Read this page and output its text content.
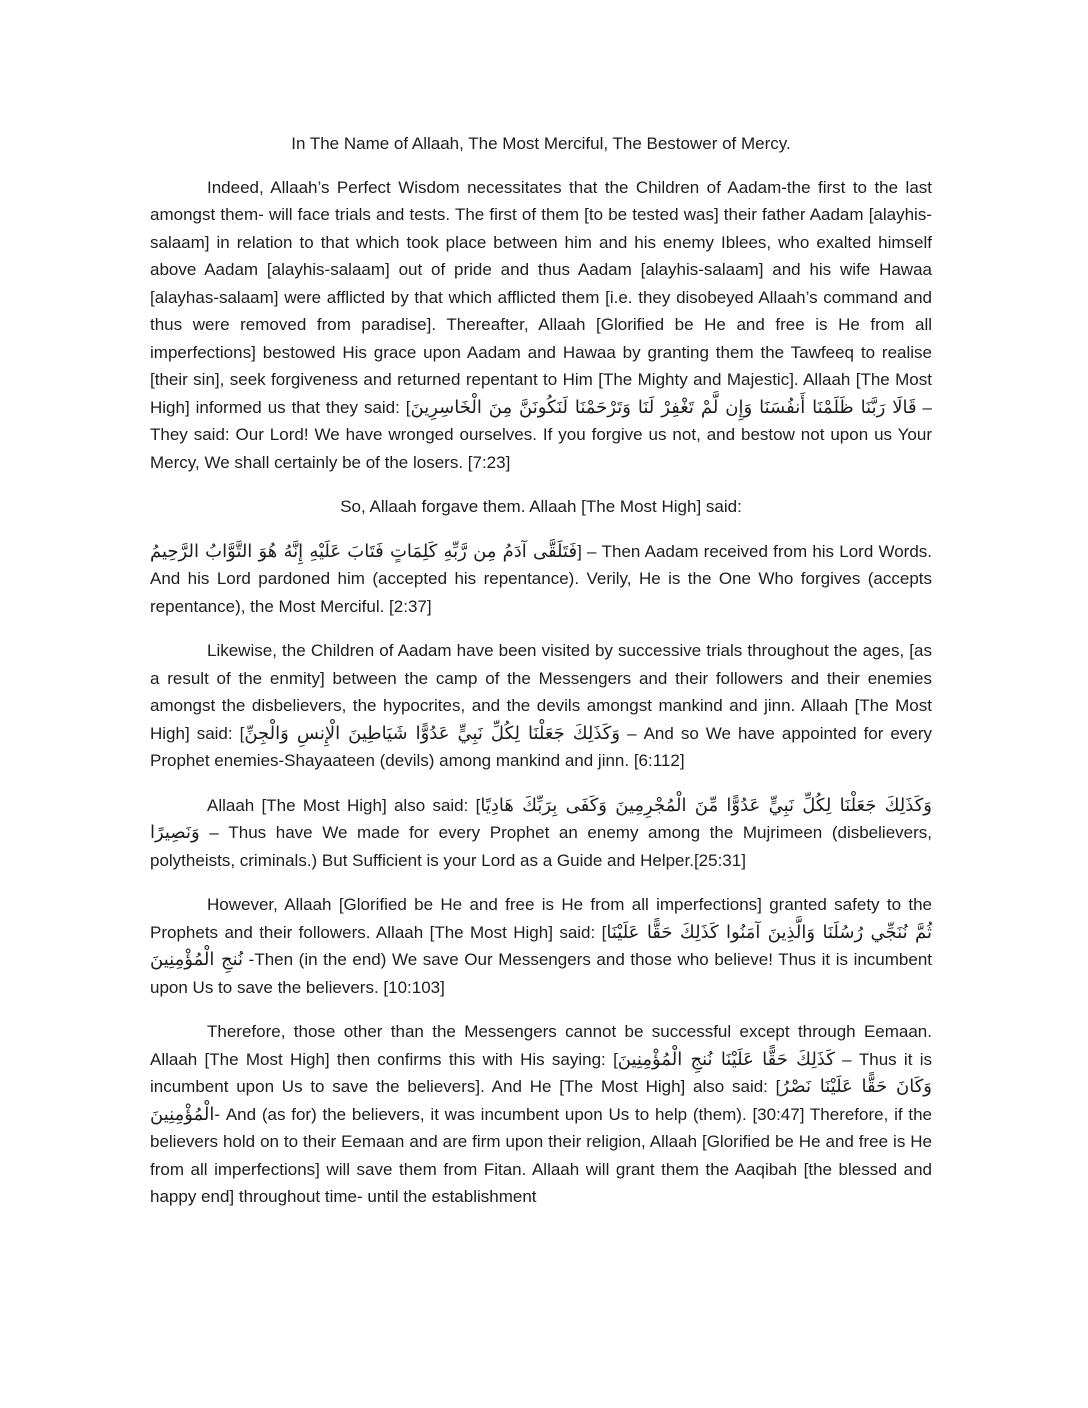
In The Name of Allaah, The Most Merciful, The Bestower of Mercy.

Indeed, Allaah’s Perfect Wisdom necessitates that the Children of Aadam-the first to the last amongst them- will face trials and tests. The first of them [to be tested was] their father Aadam [alayhis-salaam] in relation to that which took place between him and his enemy Iblees, who exalted himself above Aadam [alayhis-salaam] out of pride and thus Aadam [alayhis-salaam] and his wife Hawaa [alayhas-salaam] were afflicted by that which afflicted them [i.e. they disobeyed Allaah’s command and thus were removed from paradise]. Thereafter, Allaah [Glorified be He and free is He from all imperfections] bestowed His grace upon Aadam and Hawaa by granting them the Tawfeeq to realise [their sin], seek forgiveness and returned repentant to Him [The Mighty and Majestic]. Allaah [The Most High] informed us that they said: [قَالَا رَبَّنَا ظَلَمْنَا أَنفُسَنَا وَإِن لَّمْ تَغْفِرْ لَنَا وَتَرْحَمْنَا لَنَكُونَنَّ مِنَ الْخَاسِرِينَ – They said: Our Lord! We have wronged ourselves. If you forgive us not, and bestow not upon us Your Mercy, We shall certainly be of the losers. [7:23]

So, Allaah forgave them. Allaah [The Most High] said:

فَتَلَقَّى آدَمُ مِن رَّبِّهِ كَلِمَاتٍ فَتَابَ عَلَيْهِ إِنَّهُ هُوَ التَّوَّابُ الرَّحِيمُ] – Then Aadam received from his Lord Words. And his Lord pardoned him (accepted his repentance). Verily, He is the One Who forgives (accepts repentance), the Most Merciful. [2:37]

Likewise, the Children of Aadam have been visited by successive trials throughout the ages, [as a result of the enmity] between the camp of the Messengers and their followers and their enemies amongst the disbelievers, the hypocrites, and the devils amongst mankind and jinn. Allaah [The Most High] said: [وَكَذَلِكَ جَعَلْنَا لِكُلِّ نَبِيٍّ عَدُوًّا شَيَاطِينَ الْإِنسِ وَالْجِنِّ – And so We have appointed for every Prophet enemies-Shayaateen (devils) among mankind and jinn. [6:112]

Allaah [The Most High] also said: [وَكَذَلِكَ جَعَلْنَا لِكُلِّ نَبِيٍّ عَدُوًّا مِّنَ الْمُجْرِمِينَ وَكَفَى بِرَبِّكَ هَادِيًا وَنَصِيرًا – Thus have We made for every Prophet an enemy among the Mujrimeen (disbelievers, polytheists, criminals.) But Sufficient is your Lord as a Guide and Helper.[25:31]

However, Allaah [Glorified be He and free is He from all imperfections] granted safety to the Prophets and their followers. Allaah [The Most High] said: [ثُمَّ نُنَجِّي رُسُلَنَا وَالَّذِينَ آمَنُوا كَذَلِكَ حَقًّا عَلَيْنَا نُنجِ الْمُؤْمِنِينَ -Then (in the end) We save Our Messengers and those who believe! Thus it is incumbent upon Us to save the believers. [10:103]

Therefore, those other than the Messengers cannot be successful except through Eemaan. Allaah [The Most High] then confirms this with His saying: [كَذَلِكَ حَقًّا عَلَيْنَا نُنجِ الْمُؤْمِنِينَ – Thus it is incumbent upon Us to save the believers]. And He [The Most High] also said: [وَكَانَ حَقًّا عَلَيْنَا نَصْرُ الْمُؤْمِنِينَ- And (as for) the believers, it was incumbent upon Us to help (them). [30:47] Therefore, if the believers hold on to their Eemaan and are firm upon their religion, Allaah [Glorified be He and free is He from all imperfections] will save them from Fitan. Allaah will grant them the Aaqibah [the blessed and happy end] throughout time- until the establishment
